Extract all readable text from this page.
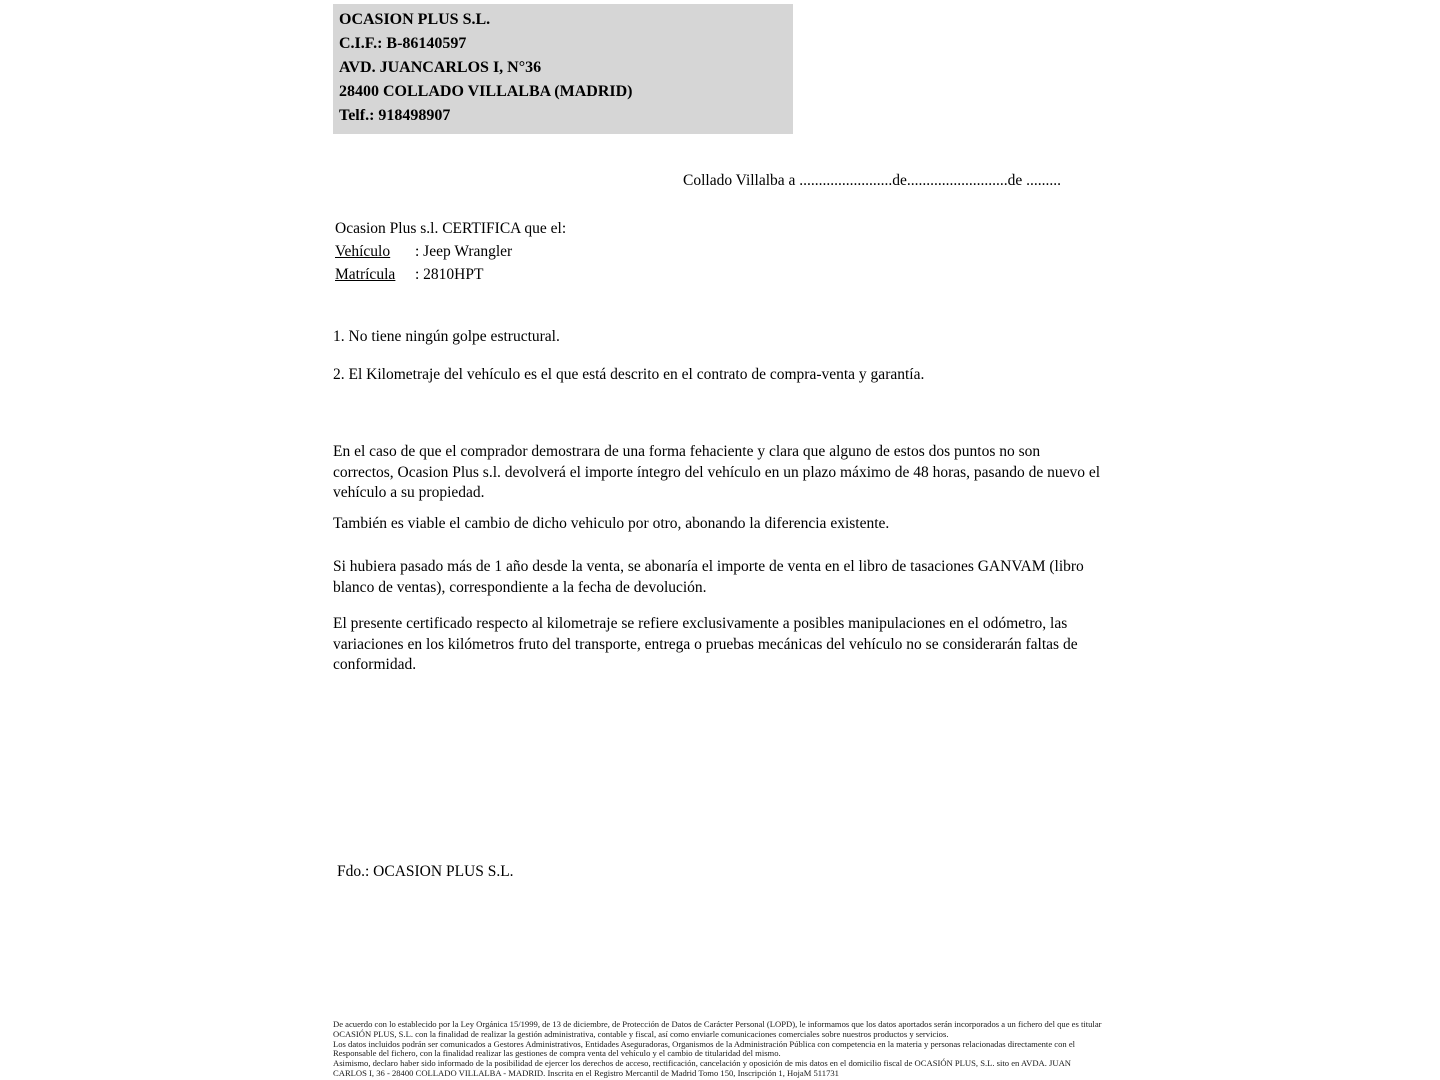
OCASION PLUS S.L.
C.I.F.: B-86140597
AVD. JUANCARLOS I, N°36
28400 COLLADO VILLALBA (MADRID)
Telf.: 918498907
Collado Villalba a ........................de..........................de .........
Ocasion Plus s.l. CERTIFICA que el:
Vehículo : Jeep Wrangler
Matrícula : 2810HPT
1. No tiene ningún golpe estructural.
2. El Kilometraje del vehículo es el que está descrito en el contrato de compra-venta y garantía.
En el caso de que el comprador demostrara de una forma fehaciente y clara que alguno de estos dos puntos no son correctos, Ocasion Plus s.l. devolverá el importe íntegro del vehículo en un plazo máximo de 48 horas, pasando de nuevo el vehículo a su propiedad.
También es viable el cambio de dicho vehiculo por otro, abonando la diferencia existente.
Si hubiera pasado más de 1 año desde la venta, se abonaría el importe de venta en el libro de tasaciones GANVAM (libro blanco de ventas), correspondiente a la fecha de devolución.
El presente certificado respecto al kilometraje se refiere exclusivamente a posibles manipulaciones en el odómetro, las variaciones en los kilómetros fruto del transporte, entrega o pruebas mecánicas del vehículo no se considerarán faltas de conformidad.
Fdo.: OCASION PLUS S.L.
De acuerdo con lo establecido por la Ley Orgánica 15/1999, de 13 de diciembre, de Protección de Datos de Carácter Personal (LOPD), le informamos que los datos aportados serán incorporados a un fichero del que es titular
OCASIÓN PLUS, S.L. con la finalidad de realizar la gestión administrativa, contable y fiscal, así como enviarle comunicaciones comerciales sobre nuestros productos y servicios.
Los datos incluidos podrán ser comunicados a Gestores Administrativos, Entidades Aseguradoras, Organismos de la Administración Pública con competencia en la materia y personas relacionadas directamente con el
Responsable del fichero, con la finalidad realizar las gestiones de compra venta del vehículo y el cambio de titularidad del mismo.
Asimismo, declaro haber sido informado de la posibilidad de ejercer los derechos de acceso, rectificación, cancelación y oposición de mis datos en el domicilio fiscal de OCASIÓN PLUS, S.L. sito en AVDA. JUAN
CARLOS I, 36 - 28400 COLLADO VILLALBA - MADRID. Inscrita en el Registro Mercantil de Madrid Tomo 150, Inscripción 1, HojaM 511731
